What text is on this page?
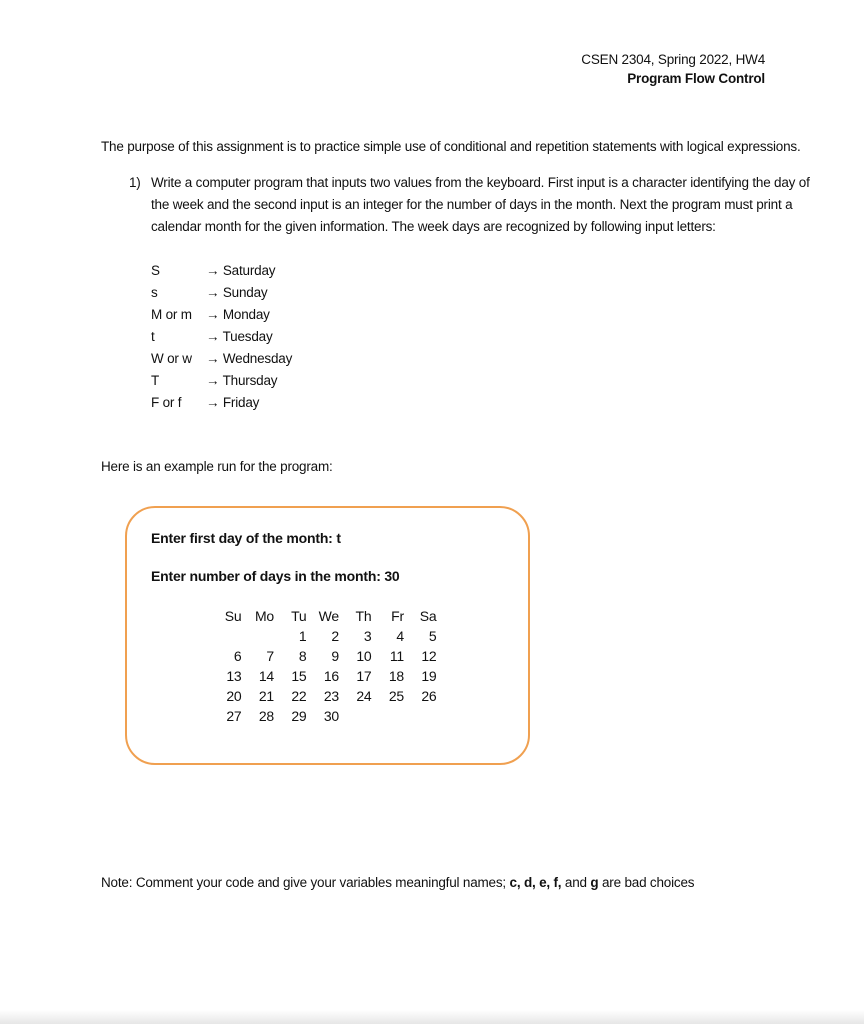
CSEN 2304, Spring 2022, HW4
Program Flow Control
The purpose of this assignment is to practice simple use of conditional and repetition statements with logical expressions.
1) Write a computer program that inputs two values from the keyboard. First input is a character identifying the day of the week and the second input is an integer for the number of days in the month. Next the program must print a calendar month for the given information. The week days are recognized by following input letters:
S	→ Saturday
s	→ Sunday
M or m	→ Monday
t	→ Tuesday
W or w	→ Wednesday
T	→ Thursday
F or f	→ Friday
Here is an example run for the program:
Enter first day of the month: t
Enter number of days in the month: 30
Su	Mo	Tu	We	Th	Fr	Sa
		1	2	3	4	5
6	7	8	9	10	11	12
13	14	15	16	17	18	19
20	21	22	23	24	25	26
27	28	29	30			
Note: Comment your code and give your variables meaningful names; c, d, e, f, and g are bad choices
